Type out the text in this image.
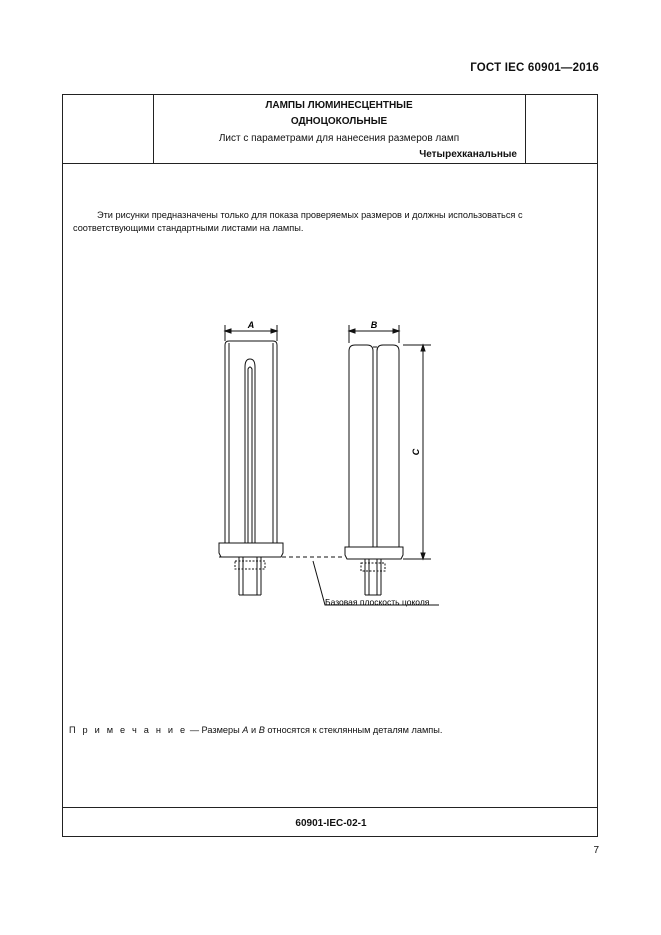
ГОСТ IEC 60901—2016
ЛАМПЫ ЛЮМИНЕСЦЕНТНЫЕ
ОДНОЦОКОЛЬНЫЕ
Лист с параметрами для нанесения размеров ламп
Четырехканальные
Эти рисунки предназначены только для показа проверяемых размеров и должны использоваться с соответствующими стандартными листами на лампы.
A	B
C
Базовая плоскость цоколя
П р и м е ч а н и е — Размеры A и B относятся к стеклянным деталям лампы.
60901-IEC-02-1
7
